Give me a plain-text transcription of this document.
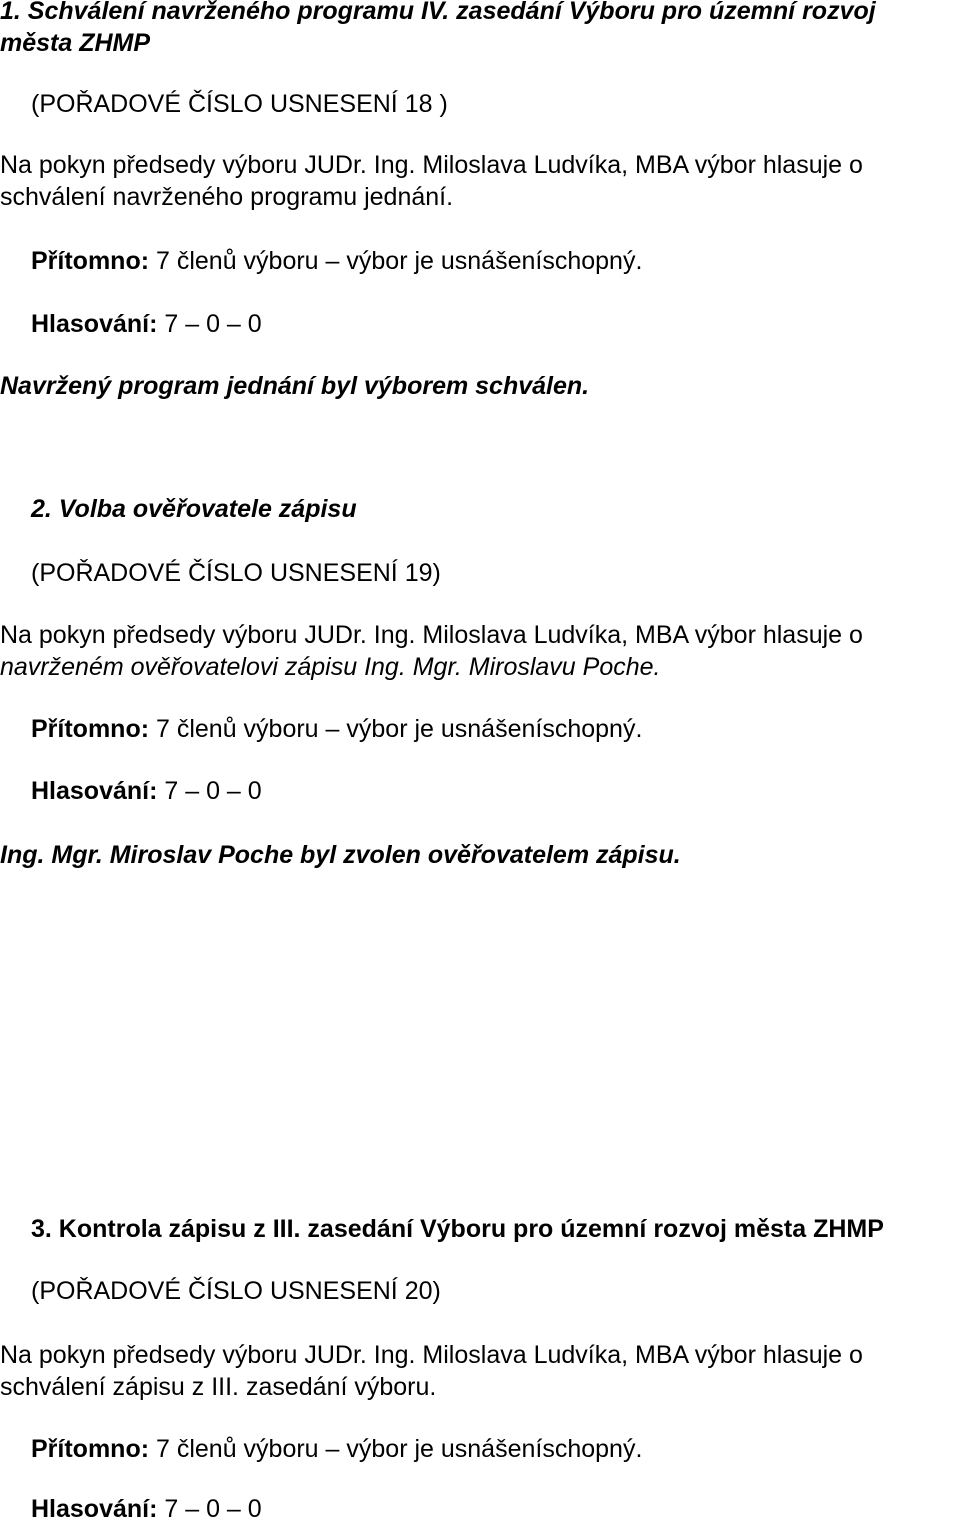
1. Schválení navrženého programu IV. zasedání Výboru pro územní rozvoj

města ZHMP

(POŘADOVÉ ČÍSLO USNESENÍ 18 )

Na pokyn předsedy výboru JUDr. Ing. Miloslava Ludvíka, MBA výbor hlasuje o

schválení navrženého programu jednání.

Přítomno: 7 členů výboru – výbor je usnášeníschopný.

Hlasování: 7 – 0 – 0

Navržený program jednání byl výborem schválen.

2. Volba ověřovatele zápisu

(POŘADOVÉ ČÍSLO USNESENÍ 19)

Na pokyn předsedy výboru JUDr. Ing. Miloslava Ludvíka, MBA výbor hlasuje o

navrženém ověřovatelovi zápisu Ing. Mgr. Miroslavu Poche.

Přítomno: 7 členů výboru – výbor je usnášeníschopný.

Hlasování: 7 – 0 – 0

Ing. Mgr. Miroslav Poche byl zvolen ověřovatelem zápisu.

3. Kontrola zápisu z III. zasedání Výboru pro územní rozvoj města ZHMP

(POŘADOVÉ ČÍSLO USNESENÍ 20)

Na pokyn předsedy výboru JUDr. Ing. Miloslava Ludvíka, MBA výbor hlasuje o

schválení zápisu z III. zasedání výboru.

Přítomno: 7 členů výboru – výbor je usnášeníschopný.

Hlasování: 7 – 0 – 0
